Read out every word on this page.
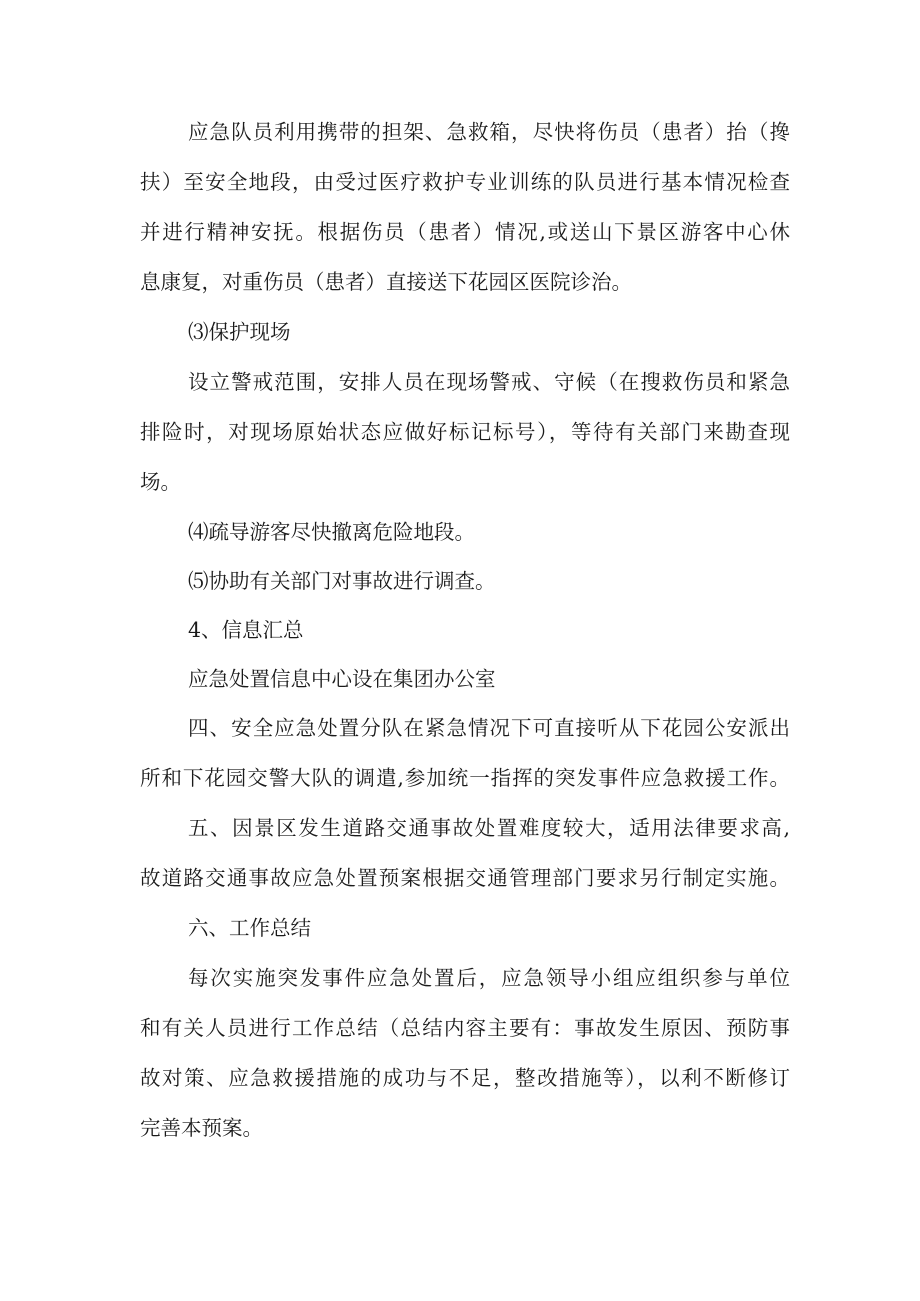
应急队员利用携带的担架、急救箱，尽快将伤员（患者）抬（搀
扶）至安全地段，由受过医疗救护专业训练的队员进行基本情况检查
并进行精神安抚。根据伤员（患者）情况,或送山下景区游客中心休
息康复，对重伤员（患者）直接送下花园区医院诊治。
⑶保护现场
设立警戒范围，安排人员在现场警戒、守候（在搜救伤员和紧急
排险时，对现场原始状态应做好标记标号），等待有关部门来勘查现
场。
⑷疏导游客尽快撤离危险地段。
⑸协助有关部门对事故进行调查。
4、信息汇总
应急处置信息中心设在集团办公室
四、安全应急处置分队在紧急情况下可直接听从下花园公安派出
所和下花园交警大队的调遣,参加统一指挥的突发事件应急救援工作。
五、因景区发生道路交通事故处置难度较大，适用法律要求高,
故道路交通事故应急处置预案根据交通管理部门要求另行制定实施。
六、工作总结
每次实施突发事件应急处置后，应急领导小组应组织参与单位
和有关人员进行工作总结（总结内容主要有：事故发生原因、预防事
故对策、应急救援措施的成功与不足，整改措施等），以利不断修订
完善本预案。
